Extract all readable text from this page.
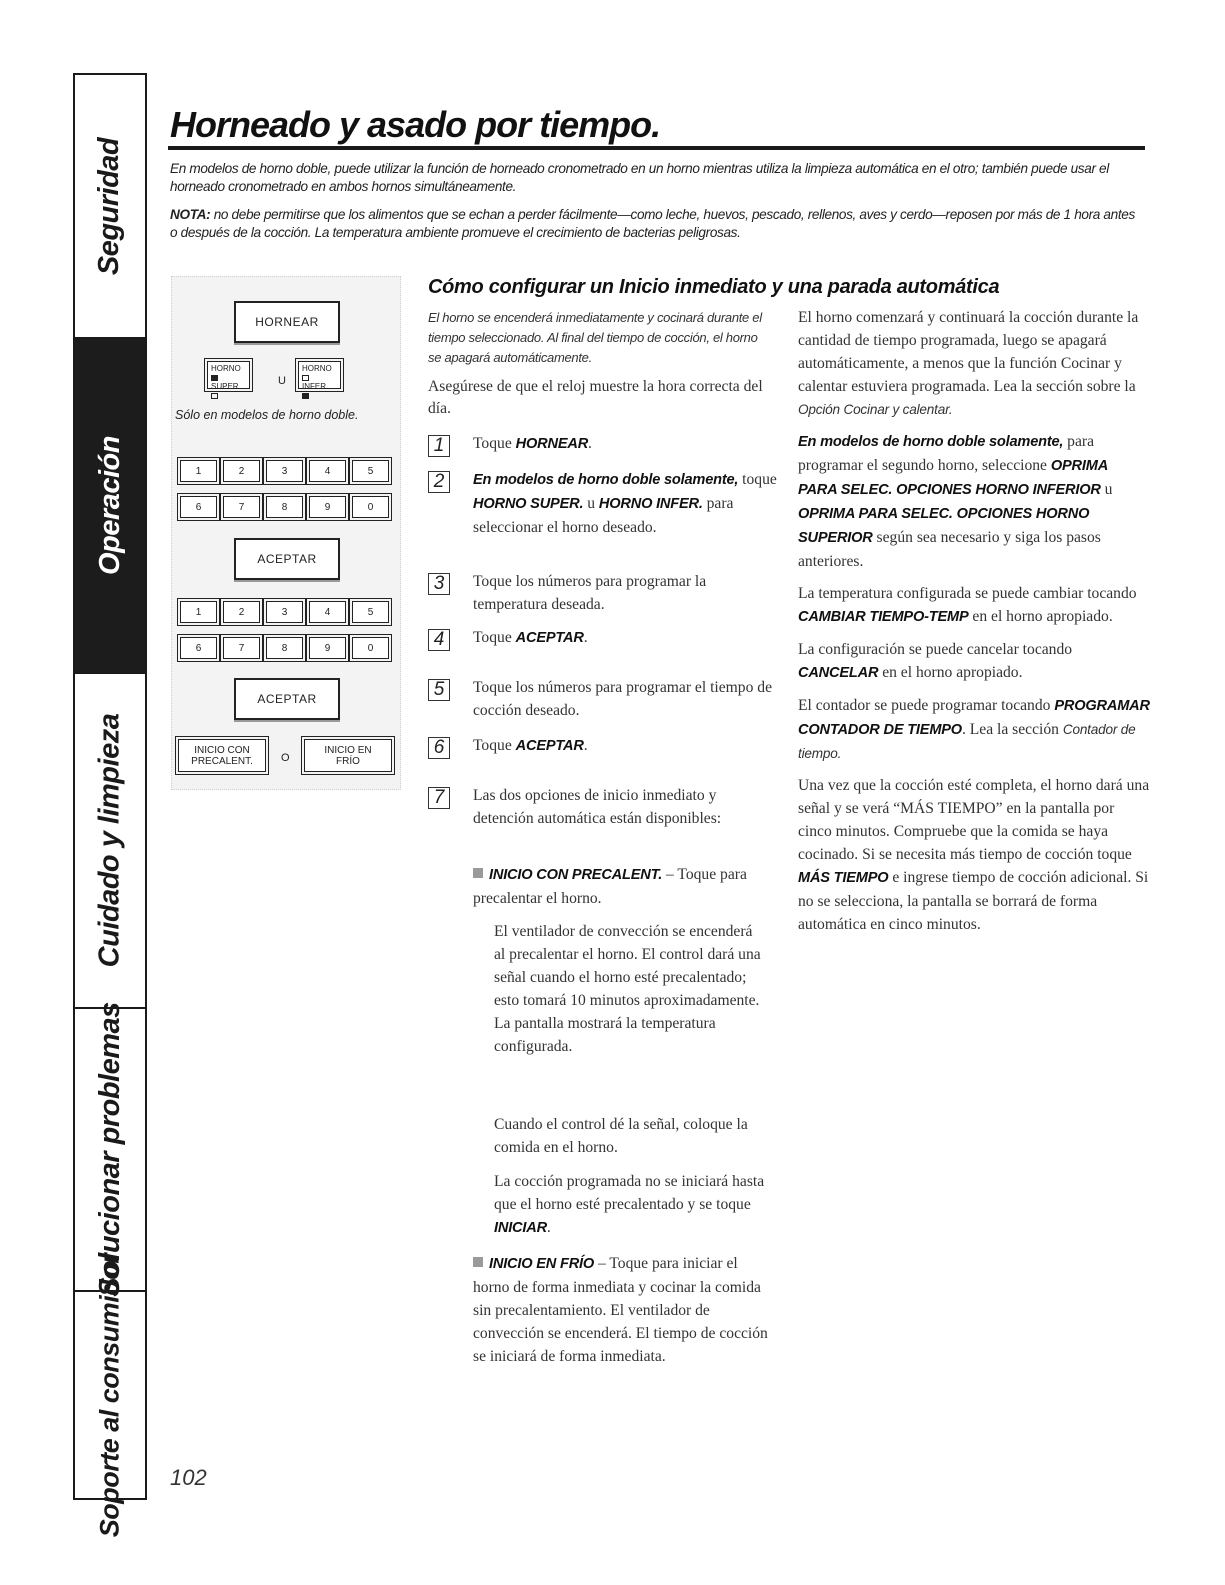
Seguridad
Operación
Cuidado y limpieza
Solucionar problemas
Soporte al consumidor
Horneado y asado por tiempo.
En modelos de horno doble, puede utilizar la función de horneado cronometrado en un horno mientras utiliza la limpieza automática en el otro; también puede usar el horneado cronometrado en ambos hornos simultáneamente.
NOTA: no debe permitirse que los alimentos que se echan a perder fácilmente—como leche, huevos, pescado, rellenos, aves y cerdo—reposen por más de 1 hora antes o después de la cocción. La temperatura ambiente promueve el crecimiento de bacterias peligrosas.
HORNEAR
HORNO
SUPER.	U
HORNO
INFER.
Sólo en modelos de horno doble.
1	2	3	4	5
6	7	8	9	0
ACEPTAR
1	2	3	4	5
6	7	8	9	0
ACEPTAR
INICIO CON
PRECALENT.	O
INICIO EN
FRÍO
Cómo configurar un Inicio inmediato y una parada automática
El horno se encenderá inmediatamente y cocinará durante el tiempo seleccionado. Al final del tiempo de cocción, el horno se apagará automáticamente.
Asegúrese de que el reloj muestre la hora correcta del día.
1	Toque HORNEAR.
2	En modelos de horno doble solamente, toque HORNO SUPER. u HORNO INFER. para seleccionar el horno deseado.
3	Toque los números para programar la temperatura deseada.
4	Toque ACEPTAR.
5	Toque los números para programar el tiempo de cocción deseado.
6	Toque ACEPTAR.
7	Las dos opciones de inicio inmediato y detención automática están disponibles:
INICIO CON PRECALENT. – Toque para precalentar el horno.
El ventilador de convección se encenderá al precalentar el horno. El control dará una señal cuando el horno esté precalentado; esto tomará 10 minutos aproximadamente. La pantalla mostrará la temperatura configurada.
Cuando el control dé la señal, coloque la comida en el horno.
La cocción programada no se iniciará hasta que el horno esté precalentado y se toque INICIAR.
INICIO EN FRÍO – Toque para iniciar el horno de forma inmediata y cocinar la comida sin precalentamiento. El ventilador de convección se encenderá. El tiempo de cocción se iniciará de forma inmediata.

El horno comenzará y continuará la cocción durante la cantidad de tiempo programada, luego se apagará automáticamente, a menos que la función Cocinar y calentar estuviera programada. Lea la sección sobre la Opción Cocinar y calentar.

En modelos de horno doble solamente, para programar el segundo horno, seleccione OPRIMA PARA SELEC. OPCIONES HORNO INFERIOR u OPRIMA PARA SELEC. OPCIONES HORNO SUPERIOR según sea necesario y siga los pasos anteriores.

La temperatura configurada se puede cambiar tocando CAMBIAR TIEMPO-TEMP en el horno apropiado.

La configuración se puede cancelar tocando CANCELAR en el horno apropiado.

El contador se puede programar tocando PROGRAMAR CONTADOR DE TIEMPO. Lea la sección Contador de tiempo.

Una vez que la cocción esté completa, el horno dará una señal y se verá “MÁS TIEMPO” en la pantalla por cinco minutos. Compruebe que la comida se haya cocinado. Si se necesita más tiempo de cocción toque MÁS TIEMPO e ingrese tiempo de cocción adicional. Si no se selecciona, la pantalla se borrará de forma automática en cinco minutos.

102
